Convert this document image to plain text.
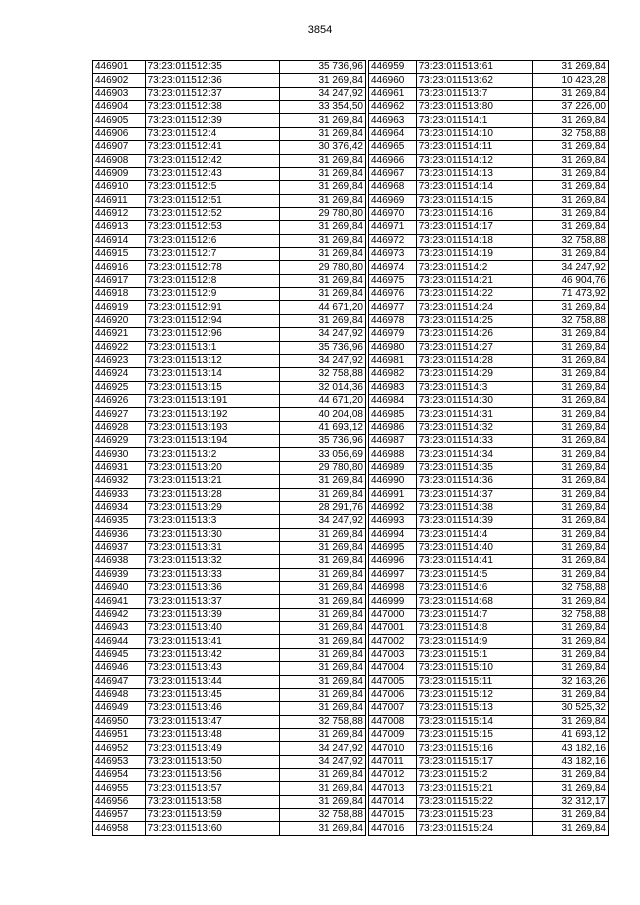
3854
446901	73:23:011512:35	35 736,96
446902	73:23:011512:36	31 269,84
446903	73:23:011512:37	34 247,92
446904	73:23:011512:38	33 354,50
446905	73:23:011512:39	31 269,84
446906	73:23:011512:4	31 269,84
446907	73:23:011512:41	30 376,42
446908	73:23:011512:42	31 269,84
446909	73:23:011512:43	31 269,84
446910	73:23:011512:5	31 269,84
446911	73:23:011512:51	31 269,84
446912	73:23:011512:52	29 780,80
446913	73:23:011512:53	31 269,84
446914	73:23:011512:6	31 269,84
446915	73:23:011512:7	31 269,84
446916	73:23:011512:78	29 780,80
446917	73:23:011512:8	31 269,84
446918	73:23:011512:9	31 269,84
446919	73:23:011512:91	44 671,20
446920	73:23:011512:94	31 269,84
446921	73:23:011512:96	34 247,92
446922	73:23:011513:1	35 736,96
446923	73:23:011513:12	34 247,92
446924	73:23:011513:14	32 758,88
446925	73:23:011513:15	32 014,36
446926	73:23:011513:191	44 671,20
446927	73:23:011513:192	40 204,08
446928	73:23:011513:193	41 693,12
446929	73:23:011513:194	35 736,96
446930	73:23:011513:2	33 056,69
446931	73:23:011513:20	29 780,80
446932	73:23:011513:21	31 269,84
446933	73:23:011513:28	31 269,84
446934	73:23:011513:29	28 291,76
446935	73:23:011513:3	34 247,92
446936	73:23:011513:30	31 269,84
446937	73:23:011513:31	31 269,84
446938	73:23:011513:32	31 269,84
446939	73:23:011513:33	31 269,84
446940	73:23:011513:36	31 269,84
446941	73:23:011513:37	31 269,84
446942	73:23:011513:39	31 269,84
446943	73:23:011513:40	31 269,84
446944	73:23:011513:41	31 269,84
446945	73:23:011513:42	31 269,84
446946	73:23:011513:43	31 269,84
446947	73:23:011513:44	31 269,84
446948	73:23:011513:45	31 269,84
446949	73:23:011513:46	31 269,84
446950	73:23:011513:47	32 758,88
446951	73:23:011513:48	31 269,84
446952	73:23:011513:49	34 247,92
446953	73:23:011513:50	34 247,92
446954	73:23:011513:56	31 269,84
446955	73:23:011513:57	31 269,84
446956	73:23:011513:58	31 269,84
446957	73:23:011513:59	32 758,88
446958	73:23:011513:60	31 269,84
446959	73:23:011513:61	31 269,84
446960	73:23:011513:62	10 423,28
446961	73:23:011513:7	31 269,84
446962	73:23:011513:80	37 226,00
446963	73:23:011514:1	31 269,84
446964	73:23:011514:10	32 758,88
446965	73:23:011514:11	31 269,84
446966	73:23:011514:12	31 269,84
446967	73:23:011514:13	31 269,84
446968	73:23:011514:14	31 269,84
446969	73:23:011514:15	31 269,84
446970	73:23:011514:16	31 269,84
446971	73:23:011514:17	31 269,84
446972	73:23:011514:18	32 758,88
446973	73:23:011514:19	31 269,84
446974	73:23:011514:2	34 247,92
446975	73:23:011514:21	46 904,76
446976	73:23:011514:22	71 473,92
446977	73:23:011514:24	31 269,84
446978	73:23:011514:25	32 758,88
446979	73:23:011514:26	31 269,84
446980	73:23:011514:27	31 269,84
446981	73:23:011514:28	31 269,84
446982	73:23:011514:29	31 269,84
446983	73:23:011514:3	31 269,84
446984	73:23:011514:30	31 269,84
446985	73:23:011514:31	31 269,84
446986	73:23:011514:32	31 269,84
446987	73:23:011514:33	31 269,84
446988	73:23:011514:34	31 269,84
446989	73:23:011514:35	31 269,84
446990	73:23:011514:36	31 269,84
446991	73:23:011514:37	31 269,84
446992	73:23:011514:38	31 269,84
446993	73:23:011514:39	31 269,84
446994	73:23:011514:4	31 269,84
446995	73:23:011514:40	31 269,84
446996	73:23:011514:41	31 269,84
446997	73:23:011514:5	31 269,84
446998	73:23:011514:6	32 758,88
446999	73:23:011514:68	31 269,84
447000	73:23:011514:7	32 758,88
447001	73:23:011514:8	31 269,84
447002	73:23:011514:9	31 269,84
447003	73:23:011515:1	31 269,84
447004	73:23:011515:10	31 269,84
447005	73:23:011515:11	32 163,26
447006	73:23:011515:12	31 269,84
447007	73:23:011515:13	30 525,32
447008	73:23:011515:14	31 269,84
447009	73:23:011515:15	41 693,12
447010	73:23:011515:16	43 182,16
447011	73:23:011515:17	43 182,16
447012	73:23:011515:2	31 269,84
447013	73:23:011515:21	31 269,84
447014	73:23:011515:22	32 312,17
447015	73:23:011515:23	31 269,84
447016	73:23:011515:24	31 269,84
